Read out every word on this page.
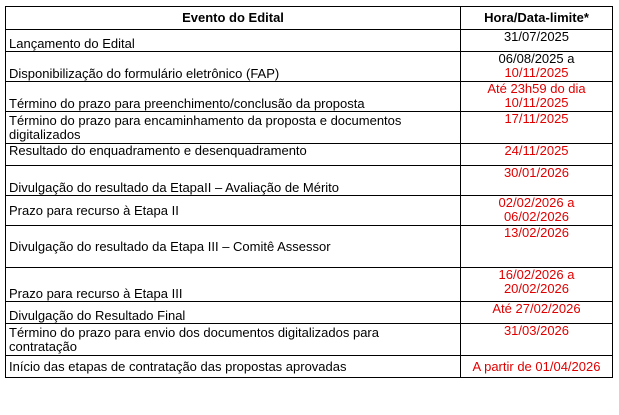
Evento do Edital	Hora/Data-limite*
Lançamento do Edital	31/07/2025
Disponibilização do formulário eletrônico (FAP)	06/08/2025 a
10/11/2025
Término do prazo para preenchimento/conclusão da proposta	Até 23h59 do dia
10/11/2025
Término do prazo para encaminhamento da proposta e documentos
digitalizados	17/11/2025
Resultado do enquadramento e desenquadramento	24/11/2025
Divulgação do resultado da EtapaII – Avaliação de Mérito	30/01/2026
Prazo para recurso à Etapa II	02/02/2026 a
06/02/2026
Divulgação do resultado da Etapa III – Comitê Assessor	13/02/2026
Prazo para recurso à Etapa III	16/02/2026 a
20/02/2026
Divulgação do Resultado Final	Até 27/02/2026
Término do prazo para envio dos documentos digitalizados para
contratação	31/03/2026
Início das etapas de contratação das propostas aprovadas	A partir de 01/04/2026
